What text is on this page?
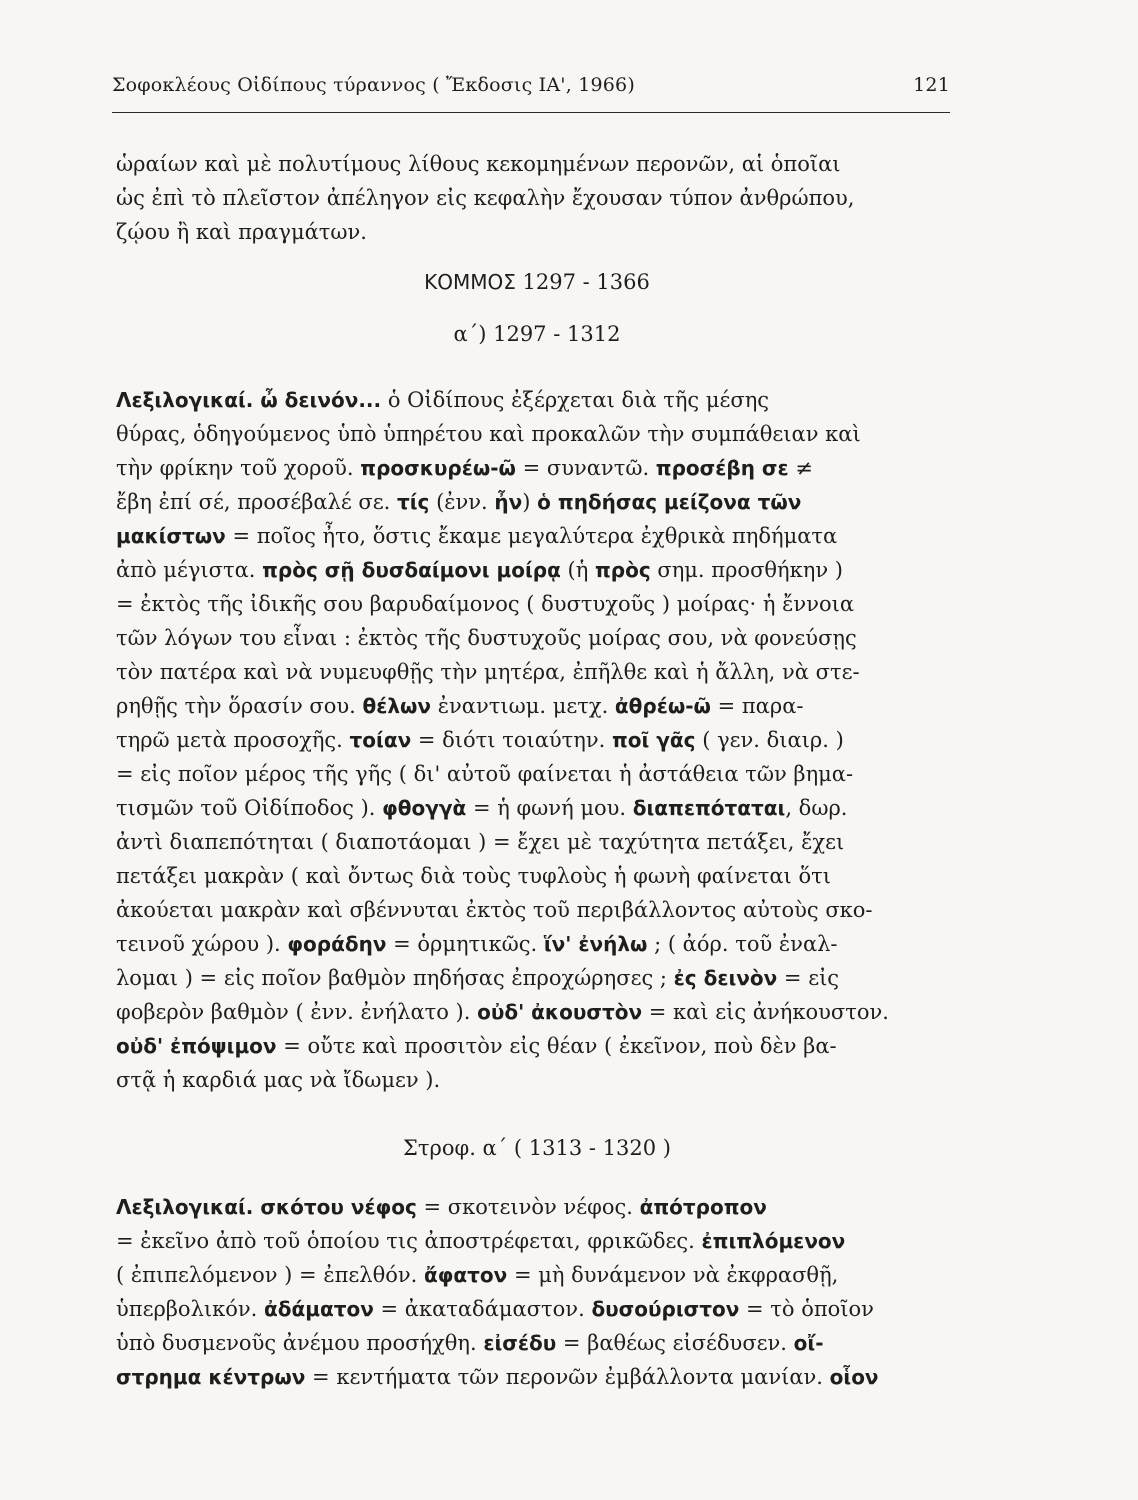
Σοφοκλέους Οἰδίπους τύραννος ( Ἔκδοσις ΙΑ', 1966)	121
ὡραίων καὶ μὲ πολυτίμους λίθους κεκομημένων περονῶν, αἱ ὁποῖαι
ὡς ἐπὶ τὸ πλεῖστον ἀπέληγον εἰς κεφαλὴν ἔχουσαν τύπον ἀνθρώπου,
ζῴου ἢ καὶ πραγμάτων.
ΚΟΜΜΟΣ 1297 - 1366
α΄) 1297 - 1312
Λεξιλογικαί. ὦ δεινόν... ὁ Οἰδίπους ἐξέρχεται διὰ τῆς μέσης
θύρας, ὁδηγούμενος ὑπὸ ὑπηρέτου καὶ προκαλῶν τὴν συμπάθειαν καὶ
τὴν φρίκην τοῦ χοροῦ. προσκυρέω-ῶ = συναντῶ. προσέβη σε ≠
ἔβη ἐπί σέ, προσέβαλέ σε. τίς (ἐνν. ἦν) ὁ πηδήσας μείζονα τῶν
μακίστων = ποῖος ἦτο, ὅστις ἔκαμε μεγαλύτερα ἐχθρικὰ πηδήματα
ἀπὸ μέγιστα. πρὸς σῇ δυσδαίμονι μοίρᾳ (ἡ πρὸς σημ. προσθήκην )
= ἐκτὸς τῆς ἰδικῆς σου βαρυδαίμονος ( δυστυχοῦς ) μοίρας· ἡ ἔννοια
τῶν λόγων του εἶναι : ἐκτὸς τῆς δυστυχοῦς μοίρας σου, νὰ φονεύσῃς
τὸν πατέρα καὶ νὰ νυμευφθῇς τὴν μητέρα, ἐπῆλθε καὶ ἡ ἄλλη, νὰ στε-
ρηθῇς τὴν ὅρασίν σου. θέλων ἐναντιωμ. μετχ. ἀθρέω-ῶ = παρα-
τηρῶ μετὰ προσοχῆς. τοίαν = διότι τοιαύτην. ποῖ γᾶς ( γεν. διαιρ. )
= εἰς ποῖον μέρος τῆς γῆς ( δι' αὐτοῦ φαίνεται ἡ ἀστάθεια τῶν βημα-
τισμῶν τοῦ Οἰδίποδος ). φθογγὰ = ἡ φωνή μου. διαπεπόταται, δωρ.
ἀντὶ διαπεπότηται ( διαποτάομαι ) = ἔχει μὲ ταχύτητα πετάξει, ἔχει
πετάξει μακρὰν ( καὶ ὄντως διὰ τοὺς τυφλοὺς ἡ φωνὴ φαίνεται ὅτι
ἀκούεται μακρὰν καὶ σβέννυται ἐκτὸς τοῦ περιβάλλοντος αὐτοὺς σκο-
τεινοῦ χώρου ). φοράδην = ὁρμητικῶς. ἵν' ἐνήλω ; ( ἀόρ. τοῦ ἐναλ-
λομαι ) = εἰς ποῖον βαθμὸν πηδήσας ἐπροχώρησες ; ἐς δεινὸν = εἰς
φοβερὸν βαθμὸν ( ἐνν. ἐνήλατο ). οὐδ' ἀκουστὸν = καὶ εἰς ἀνήκουστον.
οὐδ' ἐπόψιμον = οὔτε καὶ προσιτὸν εἰς θέαν ( ἐκεῖνον, ποὺ δὲν βα-
στᾷ ἡ καρδιά μας νὰ ἴδωμεν ).
Στροφ. α΄ ( 1313 - 1320 )
Λεξιλογικαί. σκότου νέφος = σκοτεινὸν νέφος. ἀπότροπον
= ἐκεῖνο ἀπὸ τοῦ ὁποίου τις ἀποστρέφεται, φρικῶδες. ἐπιπλόμενον
( ἐπιπελόμενον ) = ἐπελθόν. ἄφατον = μὴ δυνάμενον νὰ ἐκφρασθῇ,
ὑπερβολικόν. ἀδάματον = ἀκαταδάμαστον. δυσούριστον = τὸ ὁποῖον
ὑπὸ δυσμενοῦς ἀνέμου προσήχθη. εἰσέδυ = βαθέως εἰσέδυσεν. οἴ-
στρημα κέντρων = κεντήματα τῶν περονῶν ἐμβάλλοντα μανίαν. οἷον
